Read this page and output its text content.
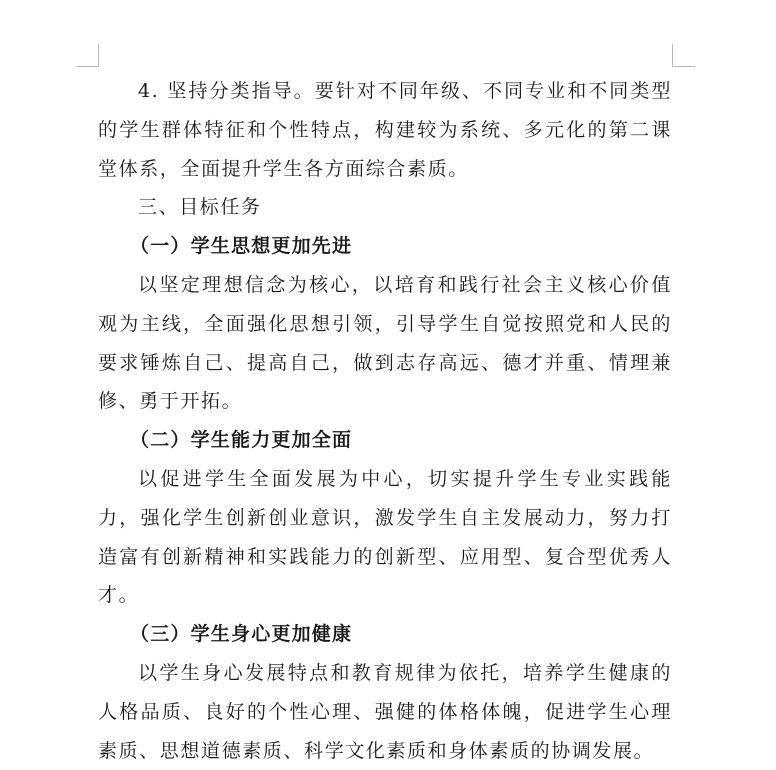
4. 坚持分类指导。要针对不同年级、不同专业和不同类型的学生群体特征和个性特点，构建较为系统、多元化的第二课堂体系，全面提升学生各方面综合素质。

三、目标任务

（一）学生思想更加先进

以坚定理想信念为核心，以培育和践行社会主义核心价值观为主线，全面强化思想引领，引导学生自觉按照党和人民的要求锤炼自己、提高自己，做到志存高远、德才并重、情理兼修、勇于开拓。

（二）学生能力更加全面

以促进学生全面发展为中心，切实提升学生专业实践能力，强化学生创新创业意识，激发学生自主发展动力，努力打造富有创新精神和实践能力的创新型、应用型、复合型优秀人才。

（三）学生身心更加健康

以学生身心发展特点和教育规律为依托，培养学生健康的人格品质、良好的个性心理、强健的体格体魄，促进学生心理素质、思想道德素质、科学文化素质和身体素质的协调发展。
